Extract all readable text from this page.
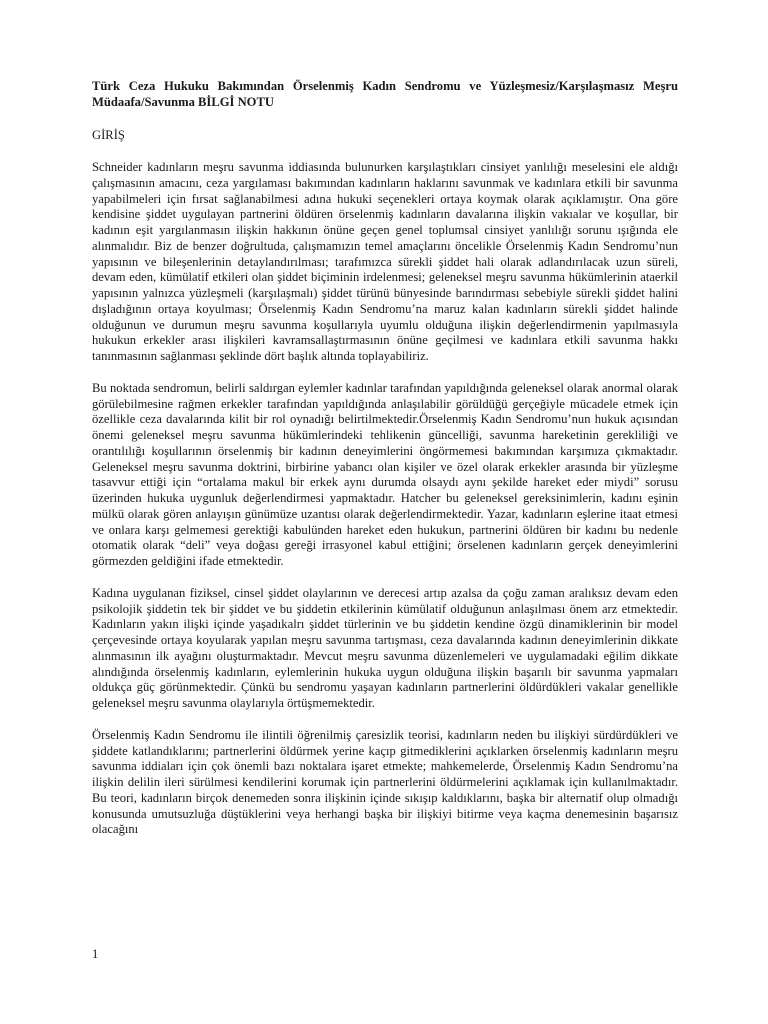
Türk Ceza Hukuku Bakımından Örselenmiş Kadın Sendromu ve Yüzleşmesiz/Karşılaşmasız Meşru Müdaafa/Savunma BİLGİ NOTU
GİRİŞ

Schneider kadınların meşru savunma iddiasında bulunurken karşılaştıkları cinsiyet yanlılığı meselesini ele aldığı çalışmasının amacını, ceza yargılaması bakımından kadınların haklarını savunmak ve kadınlara etkili bir savunma yapabilmeleri için fırsat sağlanabilmesi adına hukuki seçenekleri ortaya koymak olarak açıklamıştır. Ona göre kendisine şiddet uygulayan partnerini öldüren örselenmiş kadınların davalarına ilişkin vakıalar ve koşullar, bir kadının eşit yargılanmasın ilişkin hakkının önüne geçen genel toplumsal cinsiyet yanlılığı sorunu ışığında ele alınmalıdır. Biz de benzer doğrultuda, çalışmamızın temel amaçlarını öncelikle Örselenmiş Kadın Sendromu’nun yapısının ve bileşenlerinin detaylandırılması; tarafımızca sürekli şiddet hali olarak adlandırılacak uzun süreli, devam eden, kümülatif etkileri olan şiddet biçiminin irdelenmesi; geleneksel meşru savunma hükümlerinin ataerkil yapısının yalnızca yüzleşmeli (karşılaşmalı) şiddet türünü bünyesinde barındırması sebebiyle sürekli şiddet halini dışladığının ortaya koyulması; Örselenmiş Kadın Sendromu’na maruz kalan kadınların sürekli şiddet halinde olduğunun ve durumun meşru savunma koşullarıyla uyumlu olduğuna ilişkin değerlendirmenin yapılmasıyla hukukun erkekler arası ilişkileri kavramsallaştırmasının önüne geçilmesi ve kadınlara etkili savunma hakkı tanınmasının sağlanması şeklinde dört başlık altında toplayabiliriz.

Bu noktada sendromun, belirli saldırgan eylemler kadınlar tarafından yapıldığında geleneksel olarak anormal olarak görülebilmesine rağmen erkekler tarafından yapıldığında anlaşılabilir görüldüğü gerçeğiyle mücadele etmek için özellikle ceza davalarında kilit bir rol oynadığı belirtilmektedir.Örselenmiş Kadın Sendromu’nun hukuk açısından önemi geleneksel meşru savunma hükümlerindeki tehlikenin güncelliği, savunma hareketinin gerekliliği ve orantılılığı koşullarının örselenmiş bir kadının deneyimlerini öngörmemesi bakımından karşımıza çıkmaktadır. Geleneksel meşru savunma doktrini, birbirine yabancı olan kişiler ve özel olarak erkekler arasında bir yüzleşme tasavvur ettiği için “ortalama makul bir erkek aynı durumda olsaydı aynı şekilde hareket eder miydi” sorusu üzerinden hukuka uygunluk değerlendirmesi yapmaktadır. Hatcher bu geleneksel gereksinimlerin, kadını eşinin mülkü olarak gören anlayışın günümüze uzantısı olarak değerlendirmektedir. Yazar, kadınların eşlerine itaat etmesi ve onlara karşı gelmemesi gerektiği kabulünden hareket eden hukukun, partnerini öldüren bir kadını bu nedenle otomatik olarak “deli” veya doğası gereği irrasyonel kabul ettiğini; örselenen kadınların gerçek deneyimlerini görmezden geldiğini ifade etmektedir.

Kadına uygulanan fiziksel, cinsel şiddet olaylarının ve derecesi artıp azalsa da çoğu zaman aralıksız devam eden psikolojik şiddetin tek bir şiddet ve bu şiddetin etkilerinin kümülatif olduğunun anlaşılması önem arz etmektedir. Kadınların yakın ilişki içinde yaşadıkalrı şiddet türlerinin ve bu şiddetin kendine özgü dinamiklerinin bir model çerçevesinde ortaya koyularak yapılan meşru savunma tartışması, ceza davalarında kadının deneyimlerinin dikkate alınmasının ilk ayağını oluşturmaktadır. Mevcut meşru savunma düzenlemeleri ve uygulamadaki eğilim dikkate alındığında örselenmiş kadınların, eylemlerinin hukuka uygun olduğuna ilişkin başarılı bir savunma yapmaları oldukça güç görünmektedir. Çünkü bu sendromu yaşayan kadınların partnerlerini öldürdükleri vakalar genellikle geleneksel meşru savunma olaylarıyla örtüşmemektedir.

Örselenmiş Kadın Sendromu ile ilintili öğrenilmiş çaresizlik teorisi, kadınların neden bu ilişkiyi sürdürdükleri ve şiddete katlandıklarını; partnerlerini öldürmek yerine kaçıp gitmediklerini açıklarken örselenmiş kadınların meşru savunma iddiaları için çok önemli bazı noktalara işaret etmekte; mahkemelerde, Örselenmiş Kadın Sendromu’na ilişkin delilin ileri sürülmesi kendilerini korumak için partnerlerini öldürmelerini açıklamak için kullanılmaktadır. Bu teori, kadınların birçok denemeden sonra ilişkinin içinde sıkışıp kaldıklarını, başka bir alternatif olup olmadığı konusunda umutsuzluğa düştüklerini veya herhangi başka bir ilişkiyi bitirme veya kaçma denemesinin başarısız olacağını

1
